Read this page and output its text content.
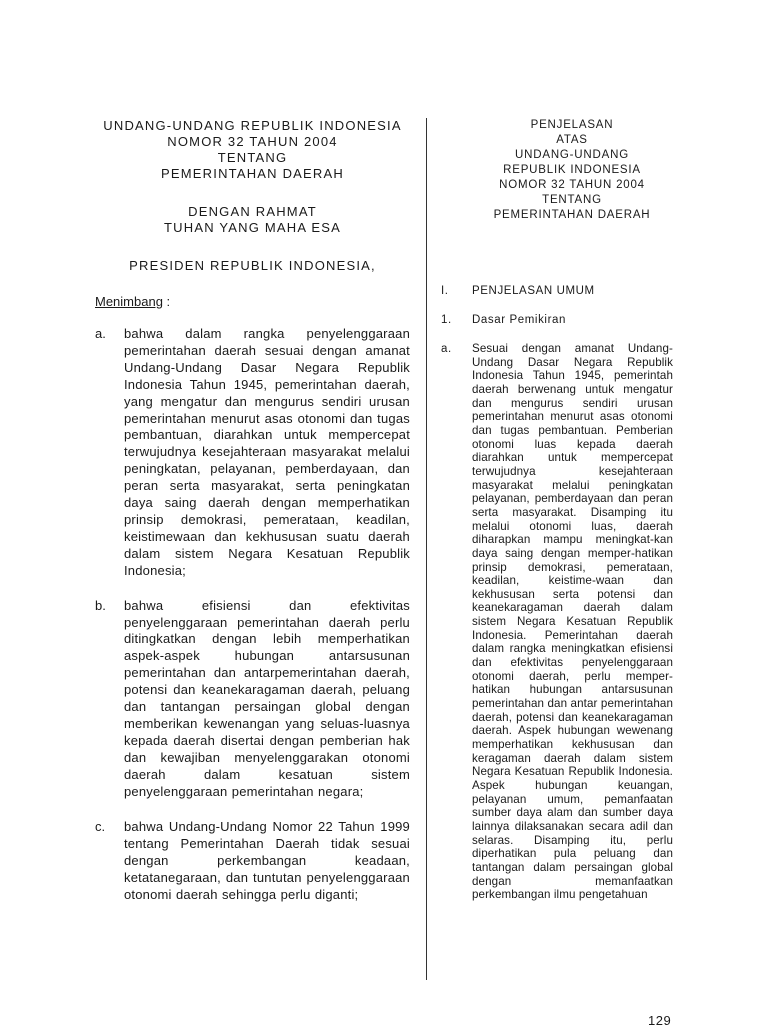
UNDANG-UNDANG REPUBLIK INDONESIA
NOMOR 32 TAHUN 2004
TENTANG
PEMERINTAHAN DAERAH
DENGAN RAHMAT
TUHAN YANG MAHA ESA
PRESIDEN REPUBLIK INDONESIA,
Menimbang :
a.	bahwa dalam rangka penyelenggaraan pemerintahan daerah sesuai dengan amanat Undang-Undang Dasar Negara Republik Indonesia Tahun 1945, pemerintahan daerah, yang mengatur dan mengurus sendiri urusan pemerintahan menurut asas otonomi dan tugas pembantuan, diarahkan untuk mempercepat terwujudnya kesejahteraan masyarakat melalui peningkatan, pelayanan, pemberdayaan, dan peran serta masyarakat, serta peningkatan daya saing daerah dengan memperhatikan prinsip demokrasi, pemerataan, keadilan, keistimewaan dan kekhususan suatu daerah dalam sistem Negara Kesatuan Republik Indonesia;
b.	bahwa efisiensi dan efektivitas penyelenggaraan pemerintahan daerah perlu ditingkatkan dengan lebih memperhatikan aspek-aspek hubungan antarsusunan pemerintahan dan antarpemerintahan daerah, potensi dan keanekaragaman daerah, peluang dan tantangan persaingan global dengan memberikan kewenangan yang seluas-luasnya kepada daerah disertai dengan pemberian hak dan kewajiban menyelenggarakan otonomi daerah dalam kesatuan sistem penyelenggaraan pemerintahan negara;
c.	bahwa Undang-Undang Nomor 22 Tahun 1999 tentang Pemerintahan Daerah tidak sesuai dengan perkembangan keadaan, ketatanegaraan, dan tuntutan penyelenggaraan otonomi daerah sehingga perlu diganti;
PENJELASAN
ATAS
UNDANG-UNDANG
REPUBLIK INDONESIA
NOMOR 32 TAHUN 2004
TENTANG
PEMERINTAHAN DAERAH
I.	PENJELASAN UMUM
1.	Dasar Pemikiran
a.	Sesuai dengan amanat Undang-Undang Dasar Negara Republik Indonesia Tahun 1945, pemerintah daerah berwenang untuk mengatur dan mengurus sendiri urusan pemerintahan menurut asas otonomi dan tugas pembantuan. Pemberian otonomi luas kepada daerah diarahkan untuk mempercepat terwujudnya kesejahteraan masyarakat melalui peningkatan pelayanan, pemberdayaan dan peran serta masyarakat. Disamping itu melalui otonomi luas, daerah diharapkan mampu meningkat-kan daya saing dengan memper-hatikan prinsip demokrasi, pemerataan, keadilan, keistime-waan dan kekhususan serta potensi dan keanekaragaman daerah dalam sistem Negara Kesatuan Republik Indonesia. Pemerintahan daerah dalam rangka meningkatkan efisiensi dan efektivitas penyelenggaraan otonomi daerah, perlu memper-hatikan hubungan antarsusunan pemerintahan dan antar pemerintahan daerah, potensi dan keanekaragaman daerah. Aspek hubungan wewenang memperhatikan kekhususan dan keragaman daerah dalam sistem Negara Kesatuan Republik Indonesia. Aspek hubungan keuangan, pelayanan umum, pemanfaatan sumber daya alam dan sumber daya lainnya dilaksanakan secara adil dan selaras. Disamping itu, perlu diperhatikan pula peluang dan tantangan dalam persaingan global dengan memanfaatkan perkembangan ilmu pengetahuan
129
